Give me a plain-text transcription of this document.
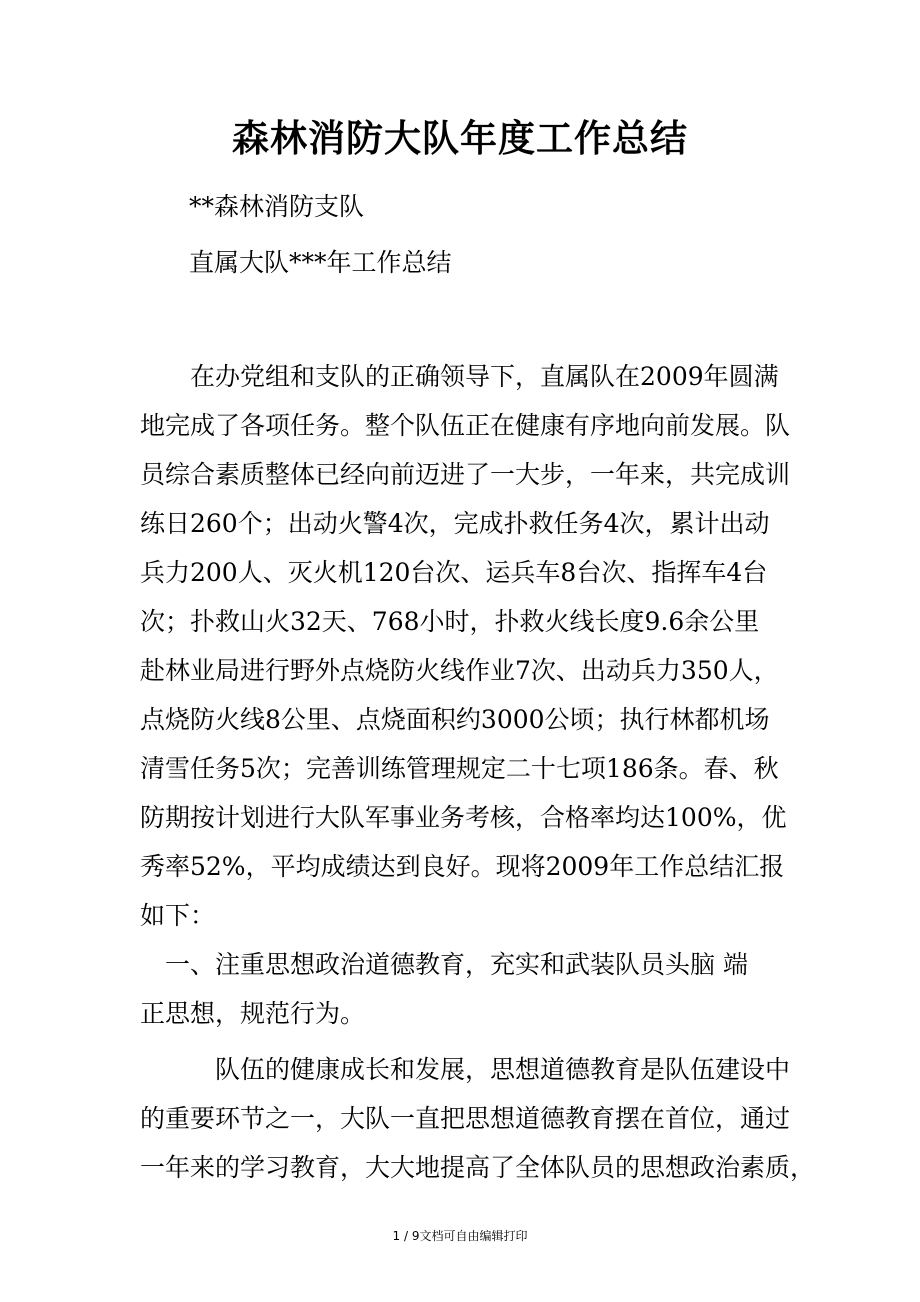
森林消防大队年度工作总结
**森林消防支队
直属大队***年工作总结
　　在办党组和支队的正确领导下，直属队在2009年圆满
地完成了各项任务。整个队伍正在健康有序地向前发展。队
员综合素质整体已经向前迈进了一大步，一年来，共完成训
练日260个；出动火警4次，完成扑救任务4次，累计出动
兵力200人、灭火机120台次、运兵车8台次、指挥车4台
次；扑救山火32天、768小时，扑救火线长度9.6余公里
赴林业局进行野外点烧防火线作业7次、出动兵力350人，
点烧防火线8公里、点烧面积约3000公顷；执行林都机场
清雪任务5次；完善训练管理规定二十七项186条。春、秋
防期按计划进行大队军事业务考核，合格率均达100%，优
秀率52%，平均成绩达到良好。现将2009年工作总结汇报
如下：
　一、注重思想政治道德教育，充实和武装队员头脑 端
正思想，规范行为。
　　　队伍的健康成长和发展，思想道德教育是队伍建设中
的重要环节之一，大队一直把思想道德教育摆在首位，通过
一年来的学习教育，大大地提高了全体队员的思想政治素质，
1 / 9文档可自由编辑打印
